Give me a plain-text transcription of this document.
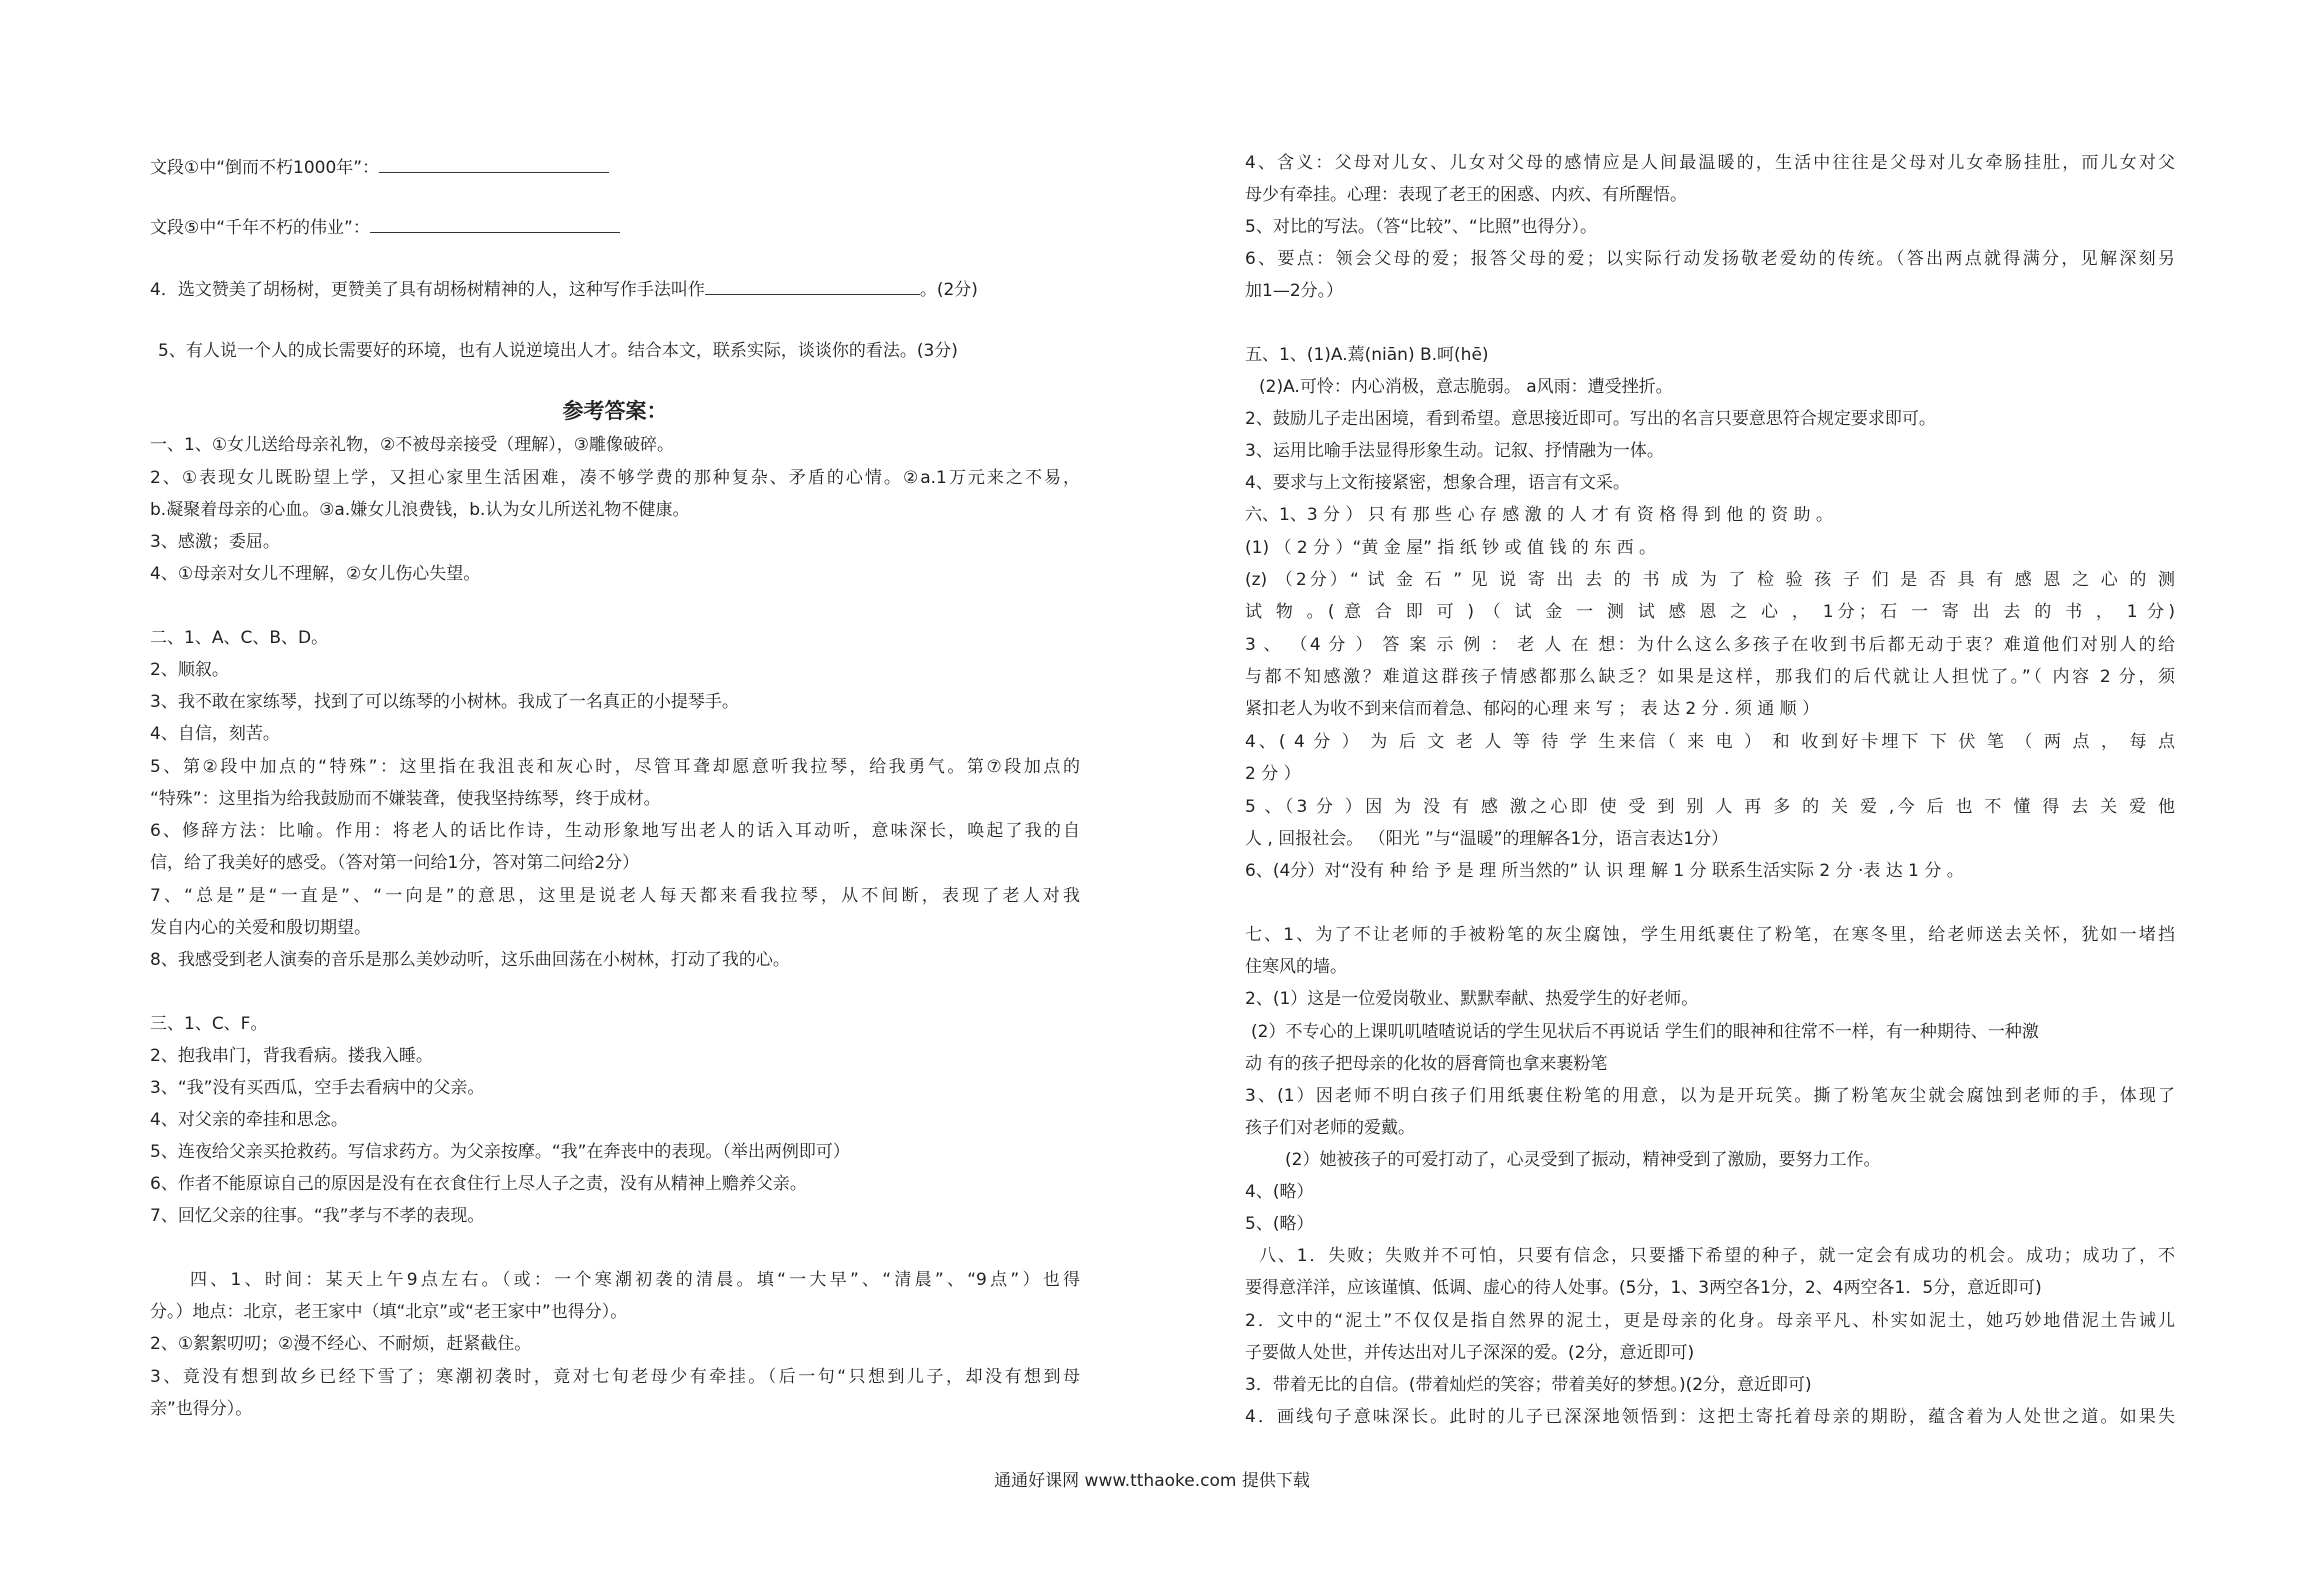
文段①中“倒而不朽1000年”：
文段⑤中“千年不朽的伟业”：
4．选文赞美了胡杨树，更赞美了具有胡杨树精神的人，这种写作手法叫作	。(2分)
5、有人说一个人的成长需要好的环境，也有人说逆境出人才。结合本文，联系实际，谈谈你的看法。(3分)
参考答案：
一、1、①女儿送给母亲礼物，②不被母亲接受（理解），③雕像破碎。
2、①表现女儿既盼望上学，又担心家里生活困难，凑不够学费的那种复杂、矛盾的心情。②a.1万元来之不易，
b.凝聚着母亲的心血。③a.嫌女儿浪费钱，b.认为女儿所送礼物不健康。
3、感激；委屈。
4、①母亲对女儿不理解，②女儿伤心失望。
二、1、A、C、B、D。
2、顺叙。
3、我不敢在家练琴，找到了可以练琴的小树林。我成了一名真正的小提琴手。
4、自信，刻苦。
5、第②段中加点的“特殊”：这里指在我沮丧和灰心时，尽管耳聋却愿意听我拉琴，给我勇气。第⑦段加点的
“特殊”：这里指为给我鼓励而不嫌装聋，使我坚持练琴，终于成材。
6、修辞方法：比喻。作用：将老人的话比作诗，生动形象地写出老人的话入耳动听，意味深长，唤起了我的自
信，给了我美好的感受。（答对第一问给1分，答对第二问给2分）
7、“总是”是“一直是”、“一向是”的意思，这里是说老人每天都来看我拉琴，从不间断，表现了老人对我
发自内心的关爱和殷切期望。
8、我感受到老人演奏的音乐是那么美妙动听，这乐曲回荡在小树林，打动了我的心。
三、1、C、F。
2、抱我串门，背我看病。搂我入睡。
3、“我”没有买西瓜，空手去看病中的父亲。
4、对父亲的牵挂和思念。
5、连夜给父亲买抢救药。写信求药方。为父亲按摩。“我”在奔丧中的表现。（举出两例即可）
6、作者不能原谅自己的原因是没有在衣食住行上尽人子之责，没有从精神上赡养父亲。
7、回忆父亲的往事。“我”孝与不孝的表现。
四、1、时间：某天上午9点左右。（或：一个寒潮初袭的清晨。填“一大早”、“清晨”、“9点”）也得
分。）地点：北京，老王家中（填“北京”或“老王家中”也得分）。
2、①絮絮叨叨；②漫不经心、不耐烦，赶紧截住。
3、竟没有想到故乡已经下雪了；寒潮初袭时，竟对七旬老母少有牵挂。（后一句“只想到儿子，却没有想到母
亲”也得分）。
4、含义：父母对儿女、儿女对父母的感情应是人间最温暖的，生活中往往是父母对儿女牵肠挂肚，而儿女对父
母少有牵挂。心理：表现了老王的困惑、内疚、有所醒悟。
5、对比的写法。（答“比较”、“比照”也得分）。
6、要点：领会父母的爱；报答父母的爱；以实际行动发扬敬老爱幼的传统。（答出两点就得满分，见解深刻另
加1—2分。）
五、1、(1)A.蔫(niān) B.呵(hē)
(2)A.可怜：内心消极，意志脆弱。 a风雨：遭受挫折。
2、鼓励儿子走出困境，看到希望。意思接近即可。写出的名言只要意思符合规定要求即可。
3、运用比喻手法显得形象生动。记叙、抒情融为一体。
4、要求与上文衔接紧密，想象合理，语言有文采。
六、1、3 分 ） 只 有 那 些 心 存 感 激 的 人 才 有 资 格 得 到 他 的 资 助 。
(1) （ 2 分 ）“黄 金 屋” 指 纸 钞 或 值 钱 的 东 西 。
(z) （2分）“ 试 金 石 ” 见 说 寄 出 去 的 书 成 为 了 检 验 孩 子 们 是 否 具 有 感 恩 之 心 的 测
试 物 。( 意 合 即 可 ) （ 试 金 一 测 试 感 恩 之 心 ， 1分；石 一 寄 出 去 的 书 ， 1 分)
3 、 （4 分 ） 答 案 示 例 ： 老 人 在 想：为什么这么多孩子在收到书后都无动于衷？难道他们对别人的给
与都不知感激？难道这群孩子情感都那么缺乏？如果是这样，那我们的后代就让人担忧了。”（ 内容 2 分，须
紧扣老人为收不到来信而着急、郁闷的心理 来 写 ； 表 达 2 分 . 须 通 顺 ）
4、( 4 分 ） 为 后 文 老 人 等 待 学 生来信（ 来 电 ） 和 收到好卡埋下 下 伏 笔 （ 两 点 ， 每 点
2 分 ）
5 、（3 分 ）因 为 没 有 感 激之心即 使 受 到 别 人 再 多 的 关 爱 ,今 后 也 不 懂 得 去 关 爱 他
人 , 回报社会。 （阳光 ”与“温暖”的理解各1分，语言表达1分）
6、(4分）对“没有 种 给 予 是 理 所当然的” 认 识 理 解 1 分 联系生活实际 2 分 ·表 达 1 分 。
七、1、为了不让老师的手被粉笔的灰尘腐蚀，学生用纸裹住了粉笔，在寒冬里，给老师送去关怀，犹如一堵挡
住寒风的墙。
2、(1）这是一位爱岗敬业、默默奉献、热爱学生的好老师。
(2）不专心的上课叽叽喳喳说话的学生见状后不再说话 学生们的眼神和往常不一样，有一种期待、一种激
动 有的孩子把母亲的化妆的唇膏筒也拿来裹粉笔
3、(1）因老师不明白孩子们用纸裹住粉笔的用意，以为是开玩笑。撕了粉笔灰尘就会腐蚀到老师的手，体现了
孩子们对老师的爱戴。
(2）她被孩子的可爱打动了，心灵受到了振动，精神受到了激励，要努力工作。
4、(略）
5、(略）
八、1．失败；失败并不可怕，只要有信念，只要播下希望的种子，就一定会有成功的机会。成功；成功了，不
要得意洋洋，应该谨慎、低调、虚心的待人处事。(5分，1、3两空各1分，2、4两空各1．5分，意近即可)
2．文中的“泥土”不仅仅是指自然界的泥土，更是母亲的化身。母亲平凡、朴实如泥土，她巧妙地借泥土告诫儿
子要做人处世，并传达出对儿子深深的爱。(2分，意近即可)
3．带着无比的自信。(带着灿烂的笑容；带着美好的梦想。)(2分，意近即可)
4．画线句子意味深长。此时的儿子已深深地领悟到：这把土寄托着母亲的期盼，蕴含着为人处世之道。如果失
通通好课网 www.tthaoke.com 提供下载
